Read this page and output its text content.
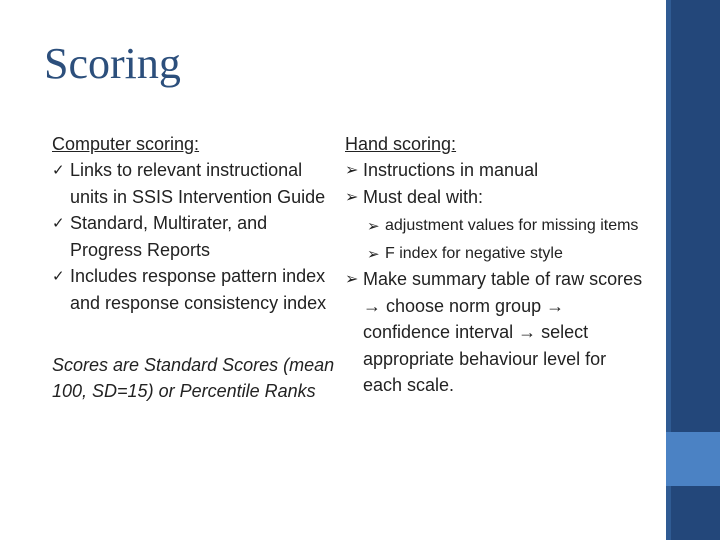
Scoring
Computer scoring:
✓ Links to relevant instructional units in SSIS Intervention Guide
✓ Standard, Multirater, and Progress Reports
✓ Includes response pattern index and response consistency index
Scores are Standard Scores (mean 100, SD=15) or Percentile Ranks
Hand scoring:
➢ Instructions in manual
➢ Must deal with:
➢ adjustment values for missing items
➢ F index for negative style
➢ Make summary table of raw scores → choose norm group → confidence interval → select appropriate behaviour level for each scale.
